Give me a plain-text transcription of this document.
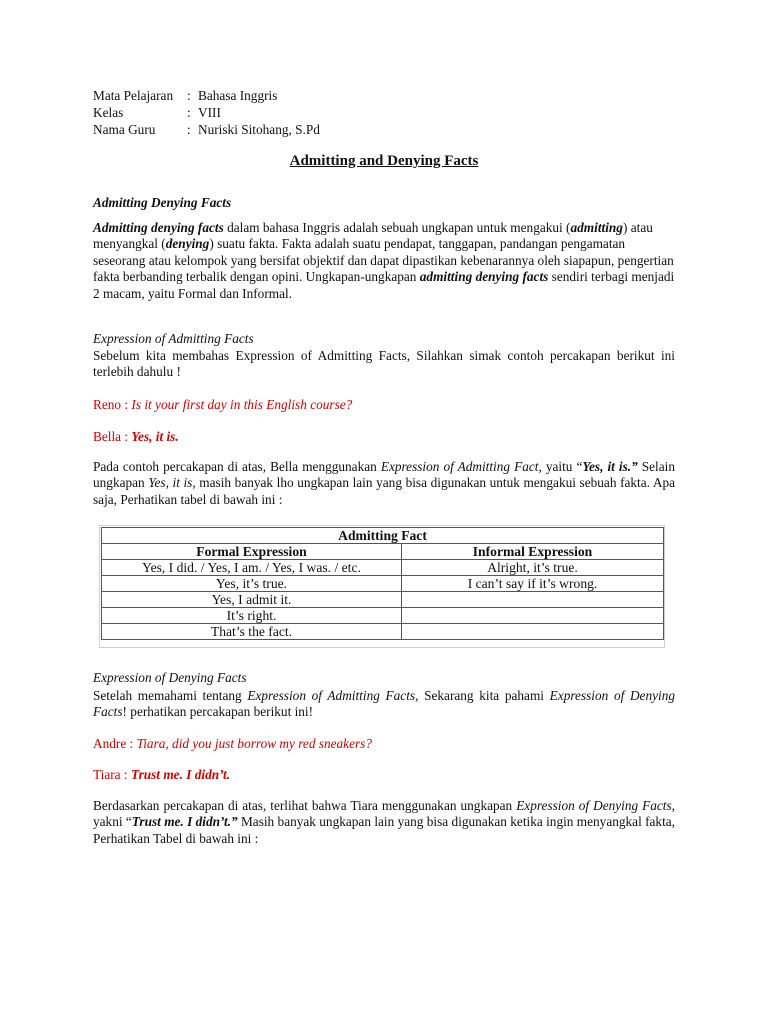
Mata Pelajaran : Bahasa Inggris
Kelas	: VIII
Nama Guru : Nuriski Sitohang, S.Pd
Admitting and Denying Facts
Admitting Denying Facts
Admitting denying facts dalam bahasa Inggris adalah sebuah ungkapan untuk mengakui (admitting) atau menyangkal (denying) suatu fakta. Fakta adalah suatu pendapat, tanggapan, pandangan pengamatan seseorang atau kelompok yang bersifat objektif dan dapat dipastikan kebenarannya oleh siapapun, pengertian fakta berbanding terbalik dengan opini. Ungkapan-ungkapan admitting denying facts sendiri terbagi menjadi 2 macam, yaitu Formal dan Informal.
Expression of Admitting Facts
Sebelum kita membahas Expression of Admitting Facts, Silahkan simak contoh percakapan berikut ini terlebih dahulu !
Reno : Is it your first day in this English course?
Bella : Yes, it is.
Pada contoh percakapan di atas, Bella menggunakan Expression of Admitting Fact, yaitu “Yes, it is.” Selain ungkapan Yes, it is, masih banyak lho ungkapan lain yang bisa digunakan untuk mengakui sebuah fakta. Apa saja, Perhatikan tabel di bawah ini :
Expression of Denying Facts
Setelah memahami tentang Expression of Admitting Facts, Sekarang kita pahami Expression of Denying Facts! perhatikan percakapan berikut ini!
Andre : Tiara, did you just borrow my red sneakers?
Tiara : Trust me. I didn’t.
Berdasarkan percakapan di atas, terlihat bahwa Tiara menggunakan ungkapan Expression of Denying Facts, yakni “Trust me. I didn’t.” Masih banyak ungkapan lain yang bisa digunakan ketika ingin menyangkal fakta, Perhatikan Tabel di bawah ini :
Admitting Fact	
Formal Expression	Informal Expression
Yes, I did. / Yes, I am. / Yes, I was. / etc.	Alright, it’s true.
Yes, it’s true.	I can’t say if it’s wrong.
Yes, I admit it.	
It’s right.	
That’s the fact.	
